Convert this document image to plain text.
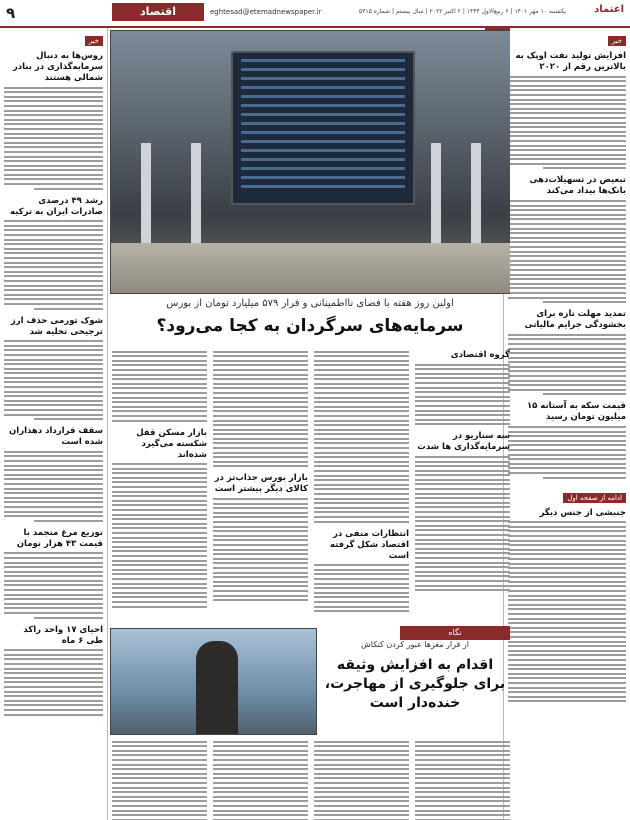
اعتماد
یکشنبه ۱۰ مهر ۱۴۰۱ | ۶ ربیع‌الاول ۱۴۴۴ | ۲ اکتبر ۲۰۲۲ | سال بیستم | شماره ۵۳۱۵
eghtesad@etemadnewspaper.ir
اقتصاد
۹
خبر
افزایش تولید نفت اوپک به بالاترین رقم از ۲۰۲۰
تبعیض در تسهیلات‌دهی بانک‌ها بیداد می‌کند
تمدید مهلت تازه برای بخشودگی جرایم مالیاتی
قیمت سکه به آستانه ۱۵ میلیون تومان رسید
ادامه از صفحه اول
جنبشی از جنس دیگر
اولین روز هفته با فضای نااطمینانی و فرار ۵۷۹ میلیارد تومان از بورس
سرمایه‌های سرگردان به کجا می‌رود؟
گروه اقتصادی
سه سناریو در سرمایه‌گذاری ها شدت
انتظارات منفی در اقتصاد شکل گرفته است
بازار بورس جذاب‌تر در کالای دیگر بیشتر است
بازار مسکن قفل شکسته می‌گیرد شده‌اند
نگاه
از قرار مغزها عبور کردن کنکاش
اقدام به افزایش وثیقه برای جلوگیری از مهاجرت، خنده‌دار است
خبر
روس‌ها به دنبال سرمایه‌گذاری در بنادر شمالی هستند
رشد ۴۹ درصدی صادرات ایران به ترکیه
شوک تورمی حذف ارز ترجیحی تخلیه شد
سقف قرارداد دهداران شده است
توزیع مرغ منجمد با قیمت ۴۳ هزار تومان
احیای ۱۷ واحد راکد طی ۶ ماه
